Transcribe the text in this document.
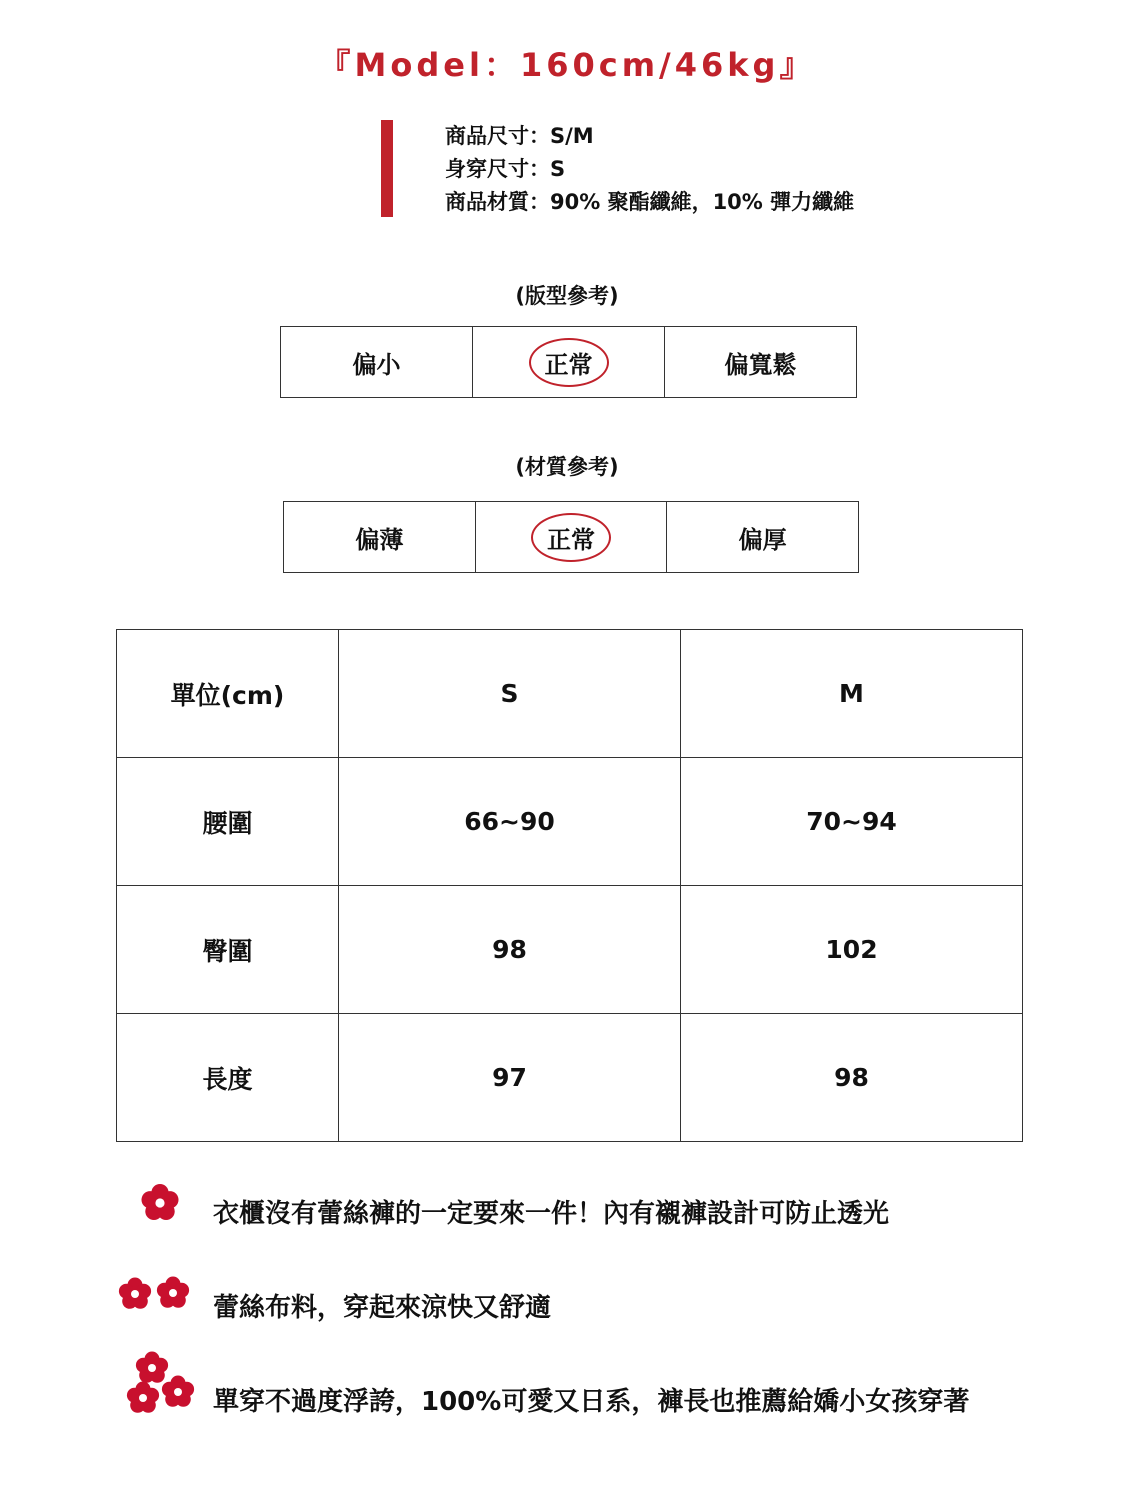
『Model：160cm/46kg』
商品尺寸：S/M
身穿尺寸：S
商品材質：90% 聚酯纖維，10% 彈力纖維
(版型參考)
偏小	正常	偏寬鬆
(材質參考)
偏薄	正常	偏厚
單位(cm)	S	M
腰圍	66~90	70~94
臀圍	98	102
長度	97	98
衣櫃沒有蕾絲褲的一定要來一件！內有襯褲設計可防止透光
蕾絲布料，穿起來涼快又舒適
單穿不過度浮誇，100%可愛又日系，褲長也推薦給嬌小女孩穿著
